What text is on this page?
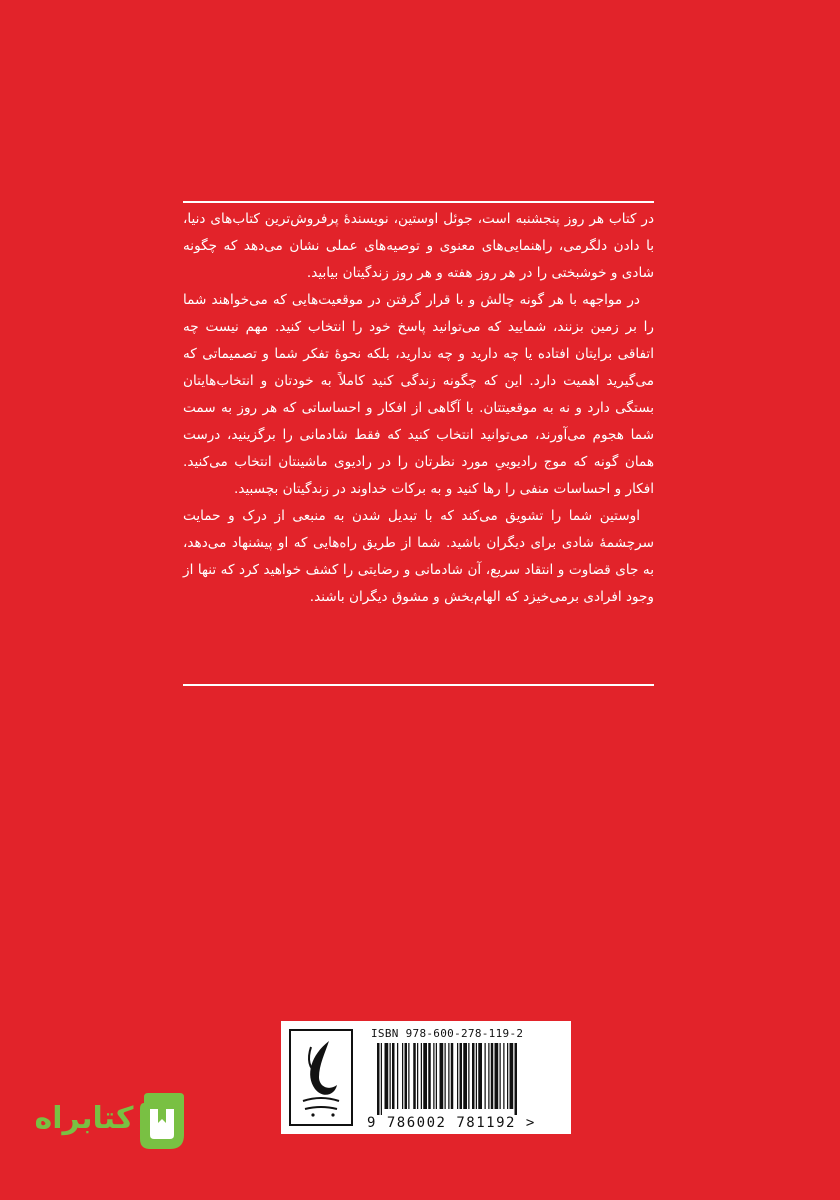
در کتاب هر روز پنجشنبه است، جوئل اوستین، نویسندهٔ پرفروش‌ترین کتاب‌های دنیا، با دادن دلگرمی، راهنمایی‌های معنوی و توصیه‌های عملی نشان می‌دهد که چگونه شادی و خوشبختی را در هر روز هفته و هر روز زندگیتان بیابید.

در مواجهه با هر گونه چالش و با قرار گرفتن در موقعیت‌هایی که می‌خواهند شما را بر زمین بزنند، شمایید که می‌توانید پاسخ خود را انتخاب کنید. مهم نیست چه اتفاقی برایتان افتاده یا چه دارید و چه ندارید، بلکه نحوهٔ تفکر شما و تصمیماتی که می‌گیرید اهمیت دارد. این که چگونه زندگی کنید کاملاً به خودتان و انتخاب‌هایتان بستگی دارد و نه به موقعیتتان. با آگاهی از افکار و احساساتی که هر روز به سمت شما هجوم می‌آورند، می‌توانید انتخاب کنید که فقط شادمانی را برگزینید، درست همان گونه که موج رادیوییِ مورد نظرتان را در رادیوی ماشینتان انتخاب می‌کنید. افکار و احساسات منفی را رها کنید و به برکات خداوند در زندگیتان بچسبید.

اوستین شما را تشویق می‌کند که با تبدیل شدن به منبعی از درک و حمایت سرچشمهٔ شادی برای دیگران باشید. شما از طریق راه‌هایی که او پیشنهاد می‌دهد، به جای قضاوت و انتقاد سریع، آن شادمانی و رضایتی را کشف خواهید کرد که تنها از وجود افرادی برمی‌خیزد که الهام‌بخش و مشوق دیگران باشند.

ISBN 978-600-278-119-2
9 786002 781192 >
کتابراه
